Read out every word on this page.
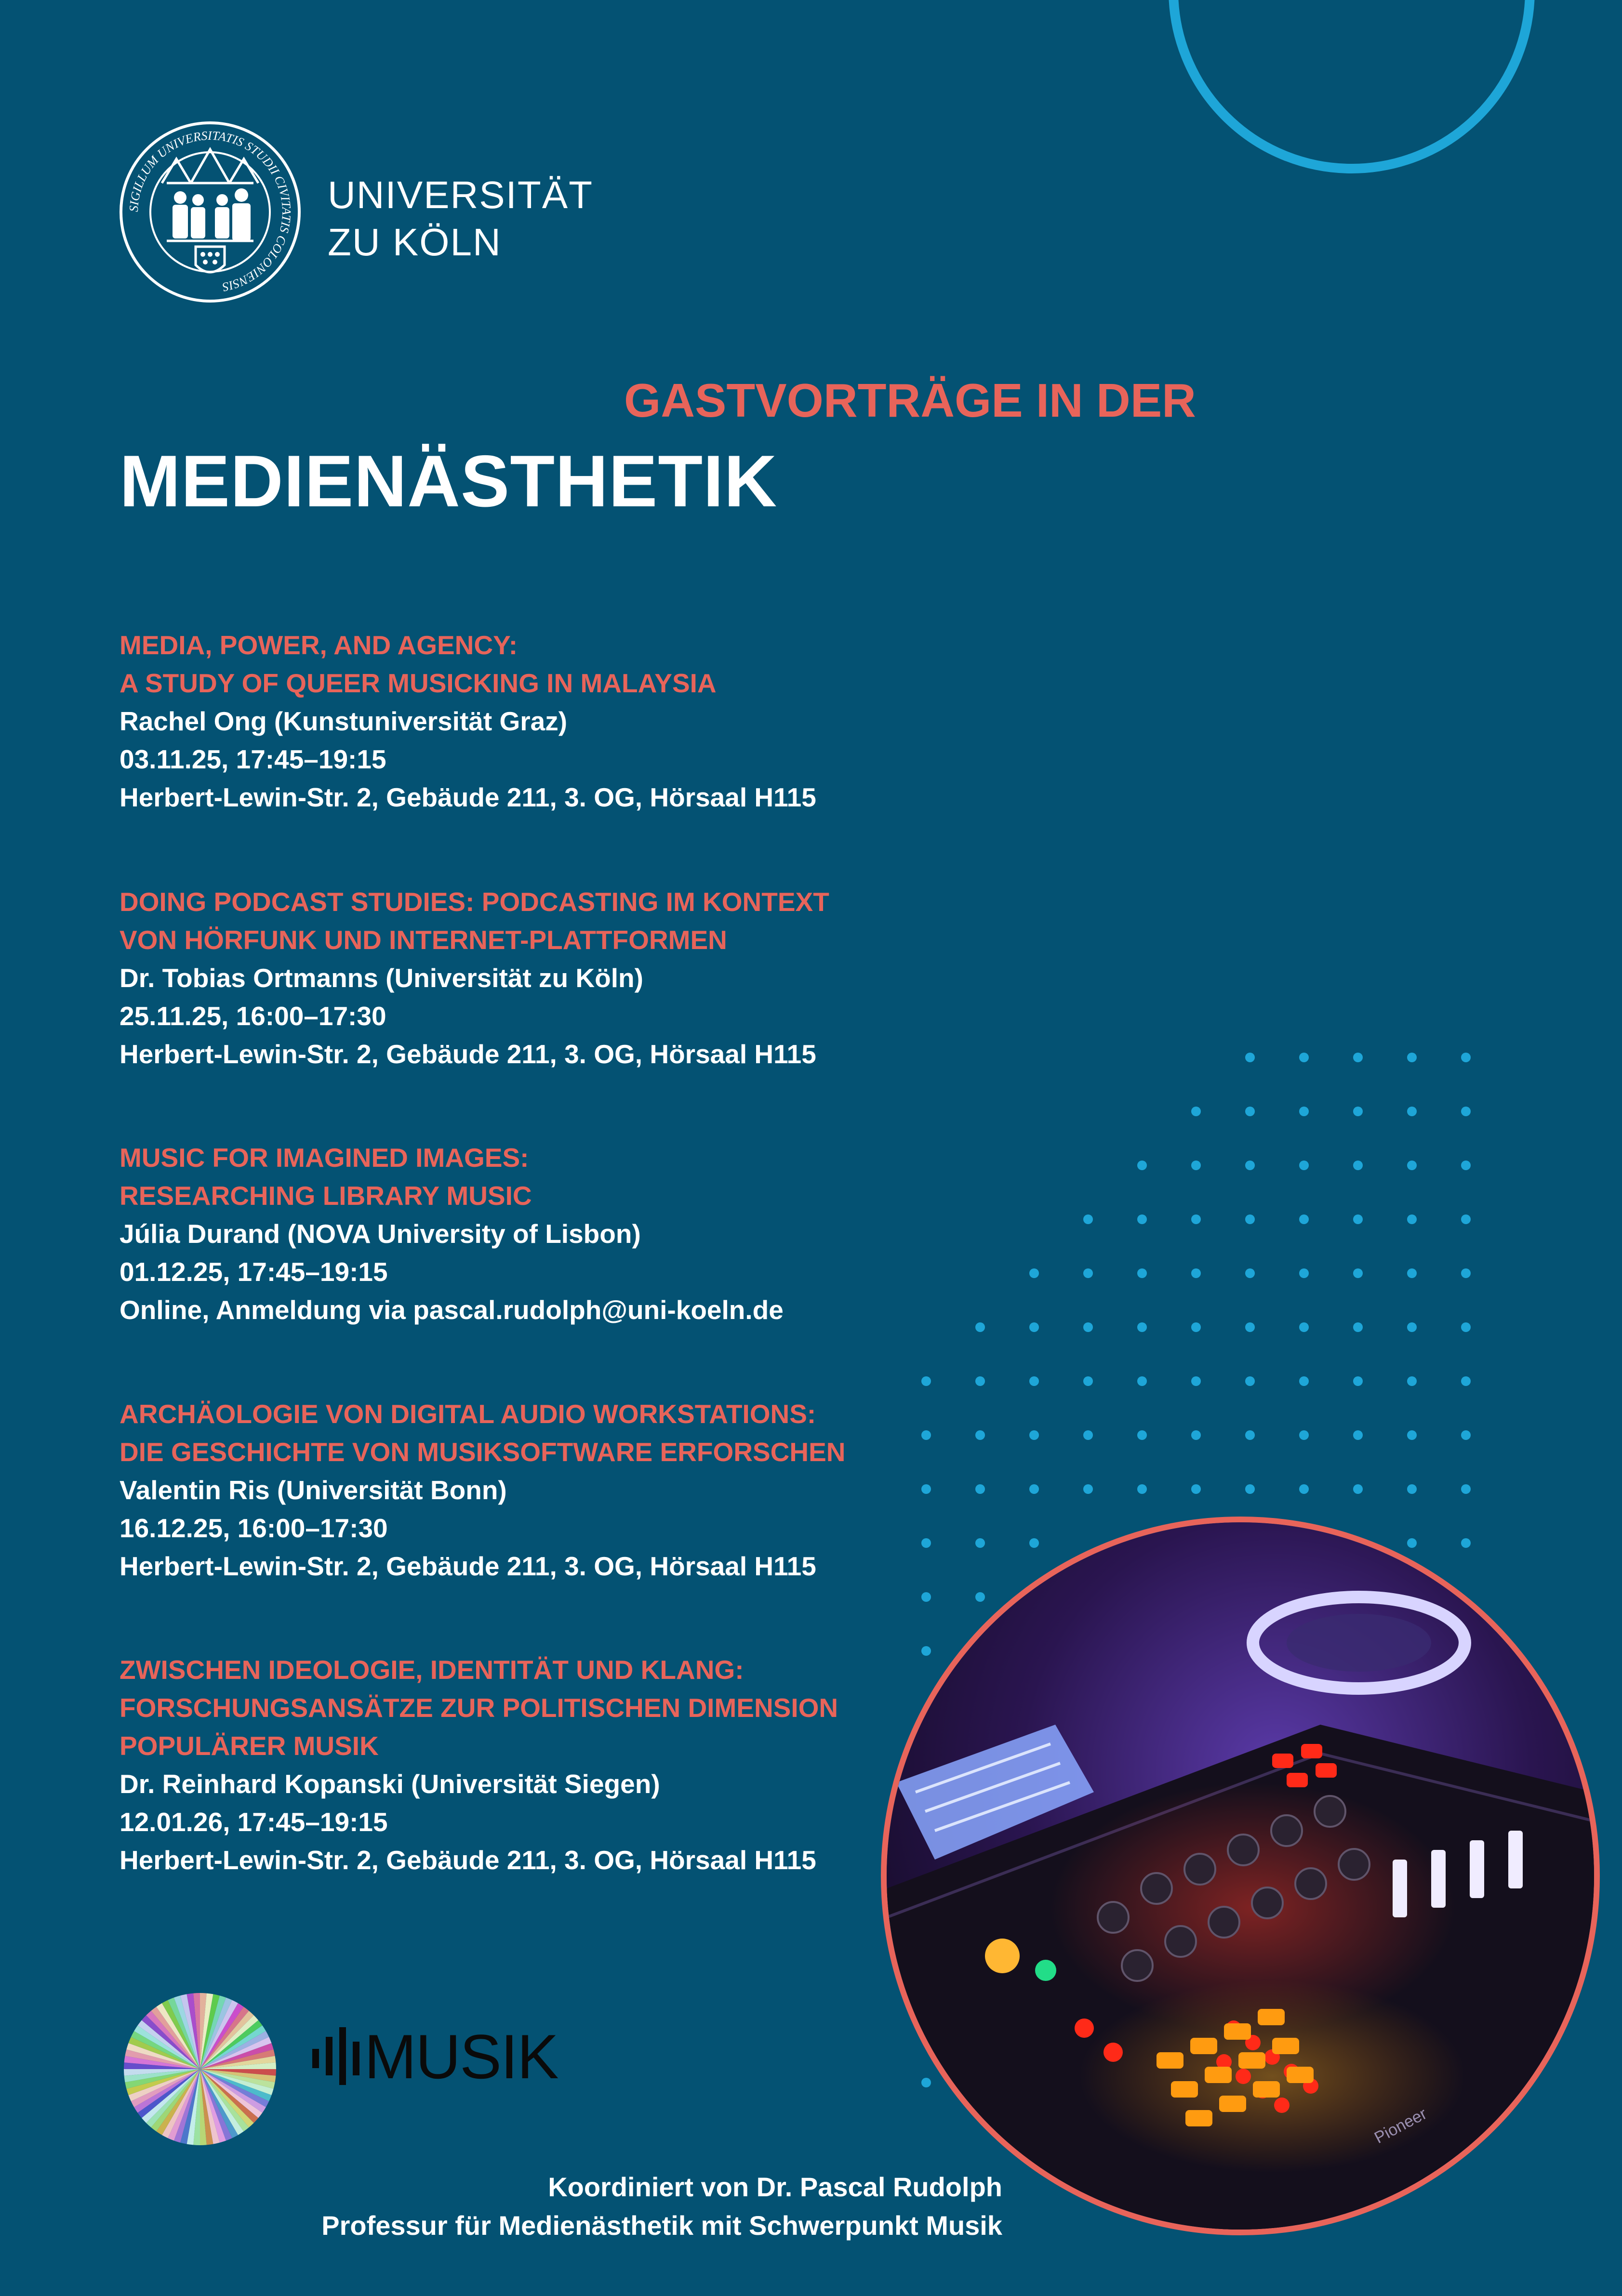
SIGILLUM UNIVERSITATIS STUDII CIVITATIS COLONIENSIS
UNIVERSITÄT
ZU KÖLN
GASTVORTRÄGE IN DER
MEDIENÄSTHETIK
MEDIA, POWER, AND AGENCY:
A STUDY OF QUEER MUSICKING IN MALAYSIA
Rachel Ong (Kunstuniversität Graz)
03.11.25, 17:45–19:15
Herbert-Lewin-Str. 2, Gebäude 211, 3. OG, Hörsaal H115
DOING PODCAST STUDIES: PODCASTING IM KONTEXT
VON HÖRFUNK UND INTERNET-PLATTFORMEN
Dr. Tobias Ortmanns (Universität zu Köln)
25.11.25, 16:00–17:30
Herbert-Lewin-Str. 2, Gebäude 211, 3. OG, Hörsaal H115
MUSIC FOR IMAGINED IMAGES:
RESEARCHING LIBRARY MUSIC
Júlia Durand (NOVA University of Lisbon)
01.12.25, 17:45–19:15
Online, Anmeldung via pascal.rudolph@uni-koeln.de
ARCHÄOLOGIE VON DIGITAL AUDIO WORKSTATIONS:
DIE GESCHICHTE VON MUSIKSOFTWARE ERFORSCHEN
Valentin Ris (Universität Bonn)
16.12.25, 16:00–17:30
Herbert-Lewin-Str. 2, Gebäude 211, 3. OG, Hörsaal H115
ZWISCHEN IDEOLOGIE, IDENTITÄT UND KLANG:
FORSCHUNGSANSÄTZE ZUR POLITISCHEN DIMENSION
POPULÄRER MUSIK
Dr. Reinhard Kopanski (Universität Siegen)
12.01.26, 17:45–19:15
Herbert-Lewin-Str. 2, Gebäude 211, 3. OG, Hörsaal H115
Pioneer
MUSIK
Koordiniert von Dr. Pascal Rudolph
Professur für Medienästhetik mit Schwerpunkt Musik
